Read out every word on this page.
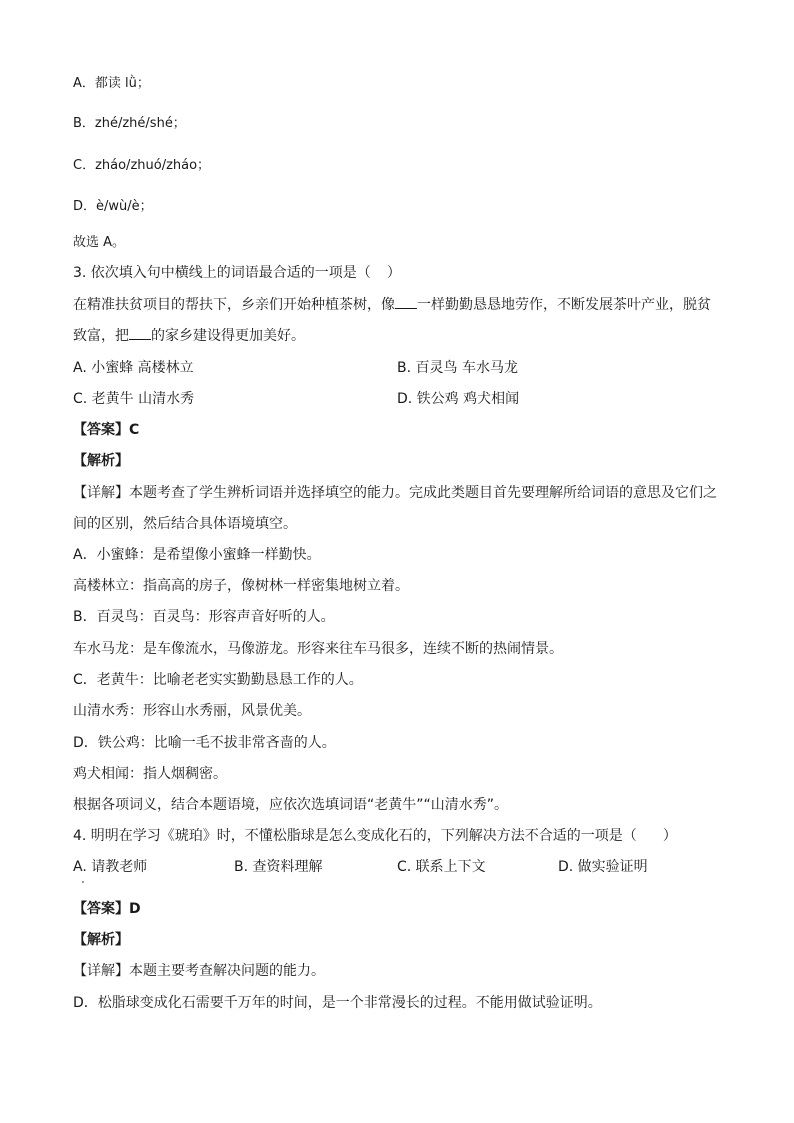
A．都读 lǜ；
B．zhé/zhé/shé；
C．zháo/zhuó/zháo；
D．è/wù/è；
故选 A。
3. 依次填入句中横线上的词语最合适的一项是（ ）
在精准扶贫项目的帮扶下，乡亲们开始种植茶树，像 一样勤勤恳恳地劳作，不断发展茶叶产业，脱贫
致富，把 的家乡建设得更加美好。
A. 小蜜蜂 高楼林立	B. 百灵鸟 车水马龙
C. 老黄牛 山清水秀	D. 铁公鸡 鸡犬相闻
【答案】C
【解析】
【详解】本题考查了学生辨析词语并选择填空的能力。完成此类题目首先要理解所给词语的意思及它们之
间的区别，然后结合具体语境填空。
A．小蜜蜂：是希望像小蜜蜂一样勤快。
高楼林立：指高高的房子，像树林一样密集地树立着。
B．百灵鸟：百灵鸟：形容声音好听的人。
车水马龙：是车像流水，马像游龙。形容来往车马很多，连续不断的热闹情景。
C．老黄牛：比喻老老实实勤勤恳恳工作的人。
山清水秀：形容山水秀丽，风景优美。
D．铁公鸡：比喻一毛不拔非常吝啬的人。
鸡犬相闻：指人烟稠密。
根据各项词义，结合本题语境，应依次选填词语“老黄牛”“山清水秀”。
4. 明明在学习《琥珀》时，不懂松脂球是怎么变成化石的，下列解决方法不合适的一项是（ ）
A. 请教老师	B. 查资料理解	C. 联系上下文	D. 做实验证明
【答案】D
【解析】
【详解】本题主要考查解决问题的能力。
D．松脂球变成化石需要千万年的时间，是一个非常漫长的过程。不能用做试验证明。
